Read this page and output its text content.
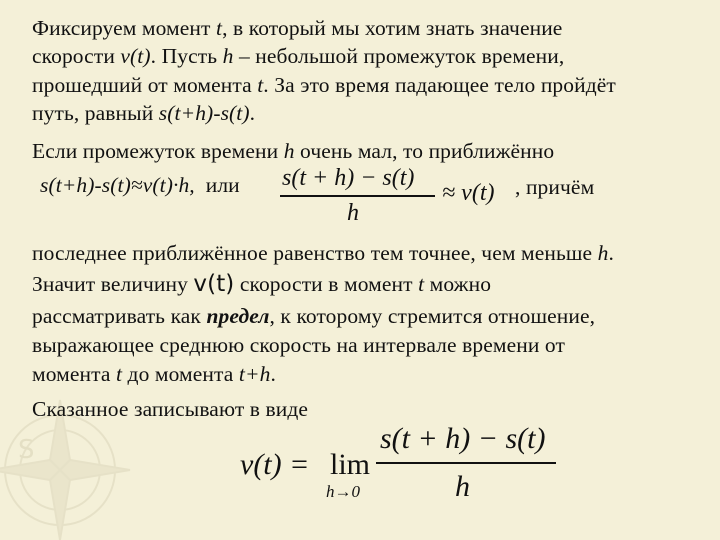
S
Фиксируем момент t, в который мы хотим знать значение
скорости v(t). Пусть h – небольшой промежуток времени,
прошедший от момента t. За это время падающее тело пройдёт
путь, равный s(t+h)-s(t).
Если промежуток времени h очень мал, то приближённо
s(t+h)-s(t)≈v(t)·h, или s(t + h) − s(t)
h
≈ v(t) , причём
последнее приближённое равенство тем точнее, чем меньше h.
Значит величину v(t) скорости в момент t можно
рассматривать как предел, к которому стремится отношение,
выражающее среднюю скорость на интервале времени от
момента t до момента t+h.
Сказанное записывают в виде
v(t) = lim
h→0
s(t + h) − s(t)
h
